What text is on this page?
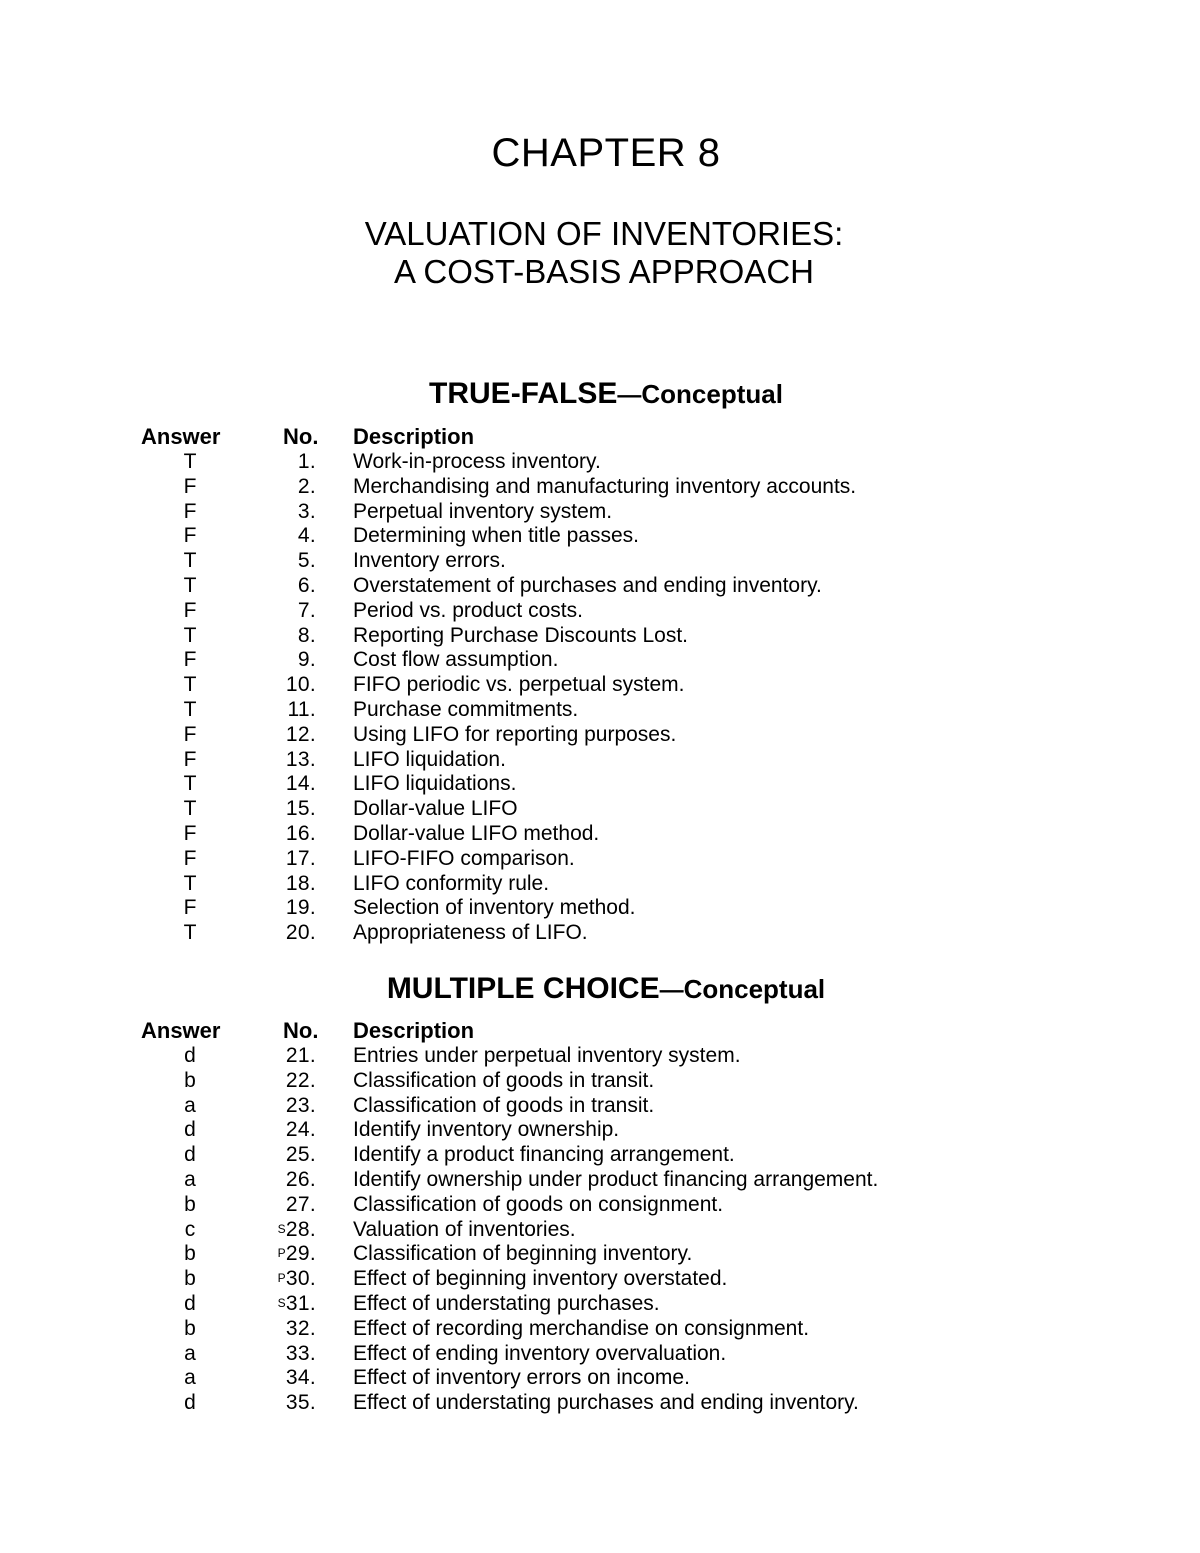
CHAPTER 8
VALUATION OF INVENTORIES:
A COST-BASIS APPROACH
TRUE-FALSE—Conceptual
Answer	No. Description
T	1. Work-in-process inventory.
F	2. Merchandising and manufacturing inventory accounts.
F	3. Perpetual inventory system.
F	4. Determining when title passes.
T	5. Inventory errors.
T	6. Overstatement of purchases and ending inventory.
F	7. Period vs. product costs.
T	8. Reporting Purchase Discounts Lost.
F	9. Cost flow assumption.
T	10. FIFO periodic vs. perpetual system.
T	11. Purchase commitments.
F	12. Using LIFO for reporting purposes.
F	13. LIFO liquidation.
T	14. LIFO liquidations.
T	15. Dollar-value LIFO
F	16. Dollar-value LIFO method.
F	17. LIFO-FIFO comparison.
T	18. LIFO conformity rule.
F	19. Selection of inventory method.
T	20. Appropriateness of LIFO.
MULTIPLE CHOICE—Conceptual
Answer	No. Description
d	21. Entries under perpetual inventory system.
b	22. Classification of goods in transit.
a	23. Classification of goods in transit.
d	24. Identify inventory ownership.
d	25. Identify a product financing arrangement.
a	26. Identify ownership under product financing arrangement.
b	27. Classification of goods on consignment.
c	$^S$28. Valuation of inventories.
b	$^P$29. Classification of beginning inventory.
b	$^P$30. Effect of beginning inventory overstated.
d	$^S$31. Effect of understating purchases.
b	32. Effect of recording merchandise on consignment.
a	33. Effect of ending inventory overvaluation.
a	34. Effect of inventory errors on income.
d	35. Effect of understating purchases and ending inventory.
